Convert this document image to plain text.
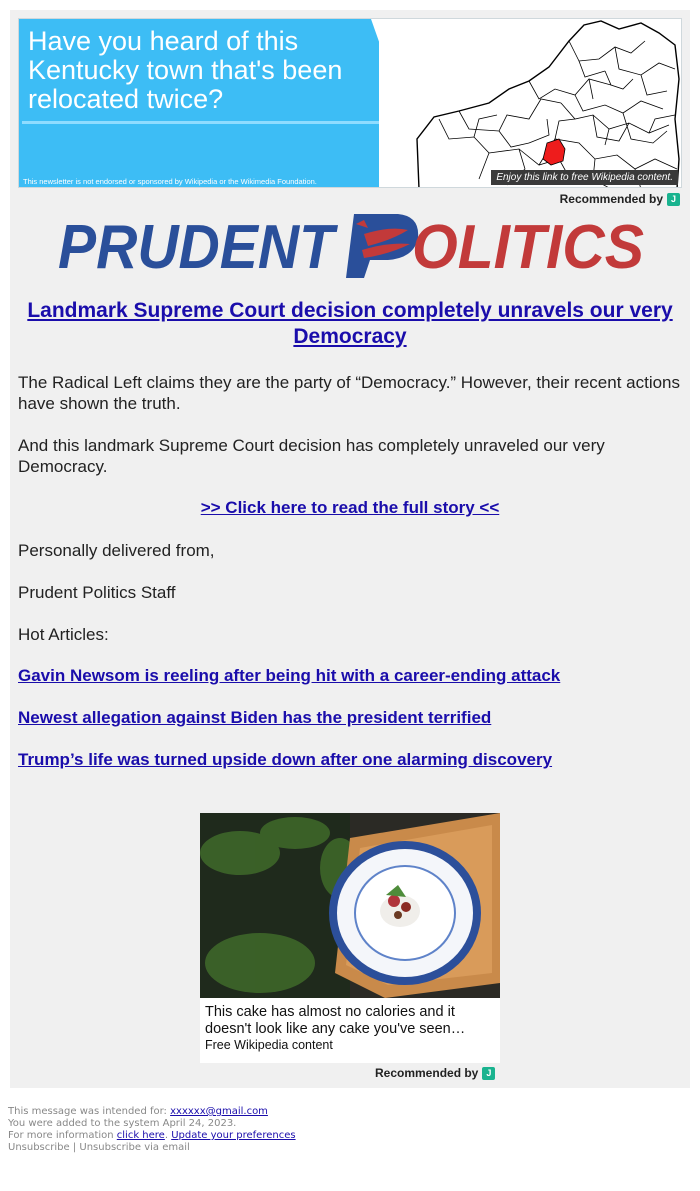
Have you heard of this Kentucky town that's been relocated twice?
This newsletter is not endorsed or sponsored by Wikipedia or the Wikimedia Foundation.	Enjoy this link to free Wikipedia content.
Recommended by J
PRUDENT OLITICS
Landmark Supreme Court decision completely unravels our very Democracy
The Radical Left claims they are the party of “Democracy.” However, their recent actions have shown the truth.
And this landmark Supreme Court decision has completely unraveled our very Democracy.
>> Click here to read the full story <<
Personally delivered from,
Prudent Politics Staff
Hot Articles:
Gavin Newsom is reeling after being hit with a career-ending attack
Newest allegation against Biden has the president terrified
Trump’s life was turned upside down after one alarming discovery
This cake has almost no calories and it doesn't look like any cake you've seen…
Free Wikipedia content
Recommended by J
This message was intended for: xxxxxx@gmail.com
You were added to the system April 24, 2023.
For more information click here. Update your preferences
Unsubscribe | Unsubscribe via email
